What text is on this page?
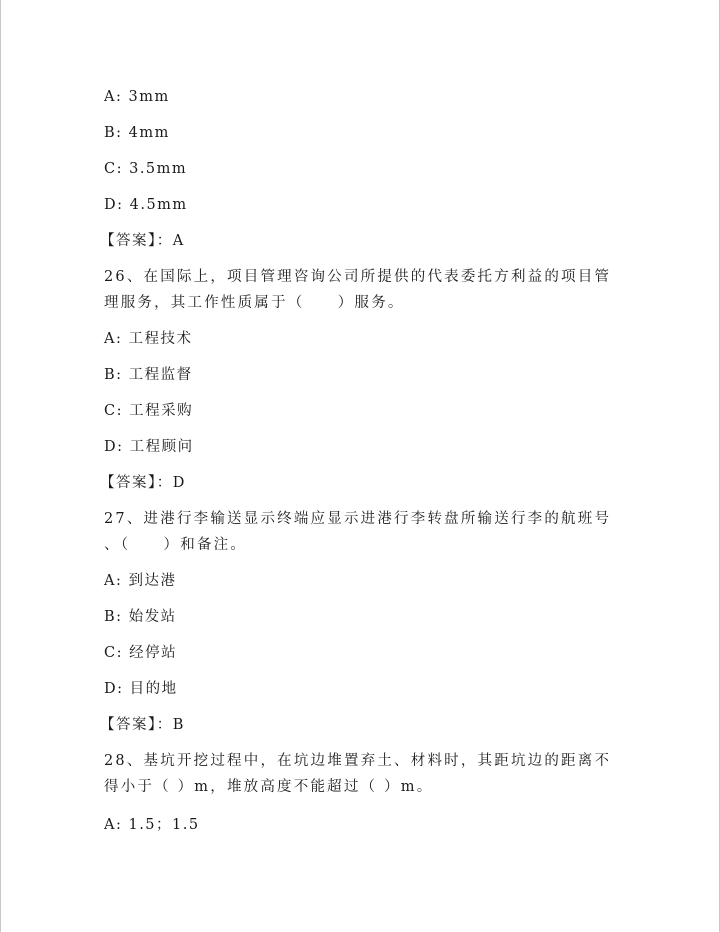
A: 3mm
B: 4mm
C: 3.5mm
D: 4.5mm
【答案】：A
26、在国际上，项目管理咨询公司所提供的代表委托方利益的项目管
理服务，其工作性质属于（　　）服务。
A: 工程技术
B: 工程监督
C: 工程采购
D: 工程顾问
【答案】：D
27、进港行李输送显示终端应显示进港行李转盘所输送行李的航班号
、（　　）和备注。
A: 到达港
B: 始发站
C: 经停站
D: 目的地
【答案】：B
28、基坑开挖过程中，在坑边堆置弃土、材料时，其距坑边的距离不
得小于（ ）m，堆放高度不能超过（ ）m。
A: 1.5；1.5
